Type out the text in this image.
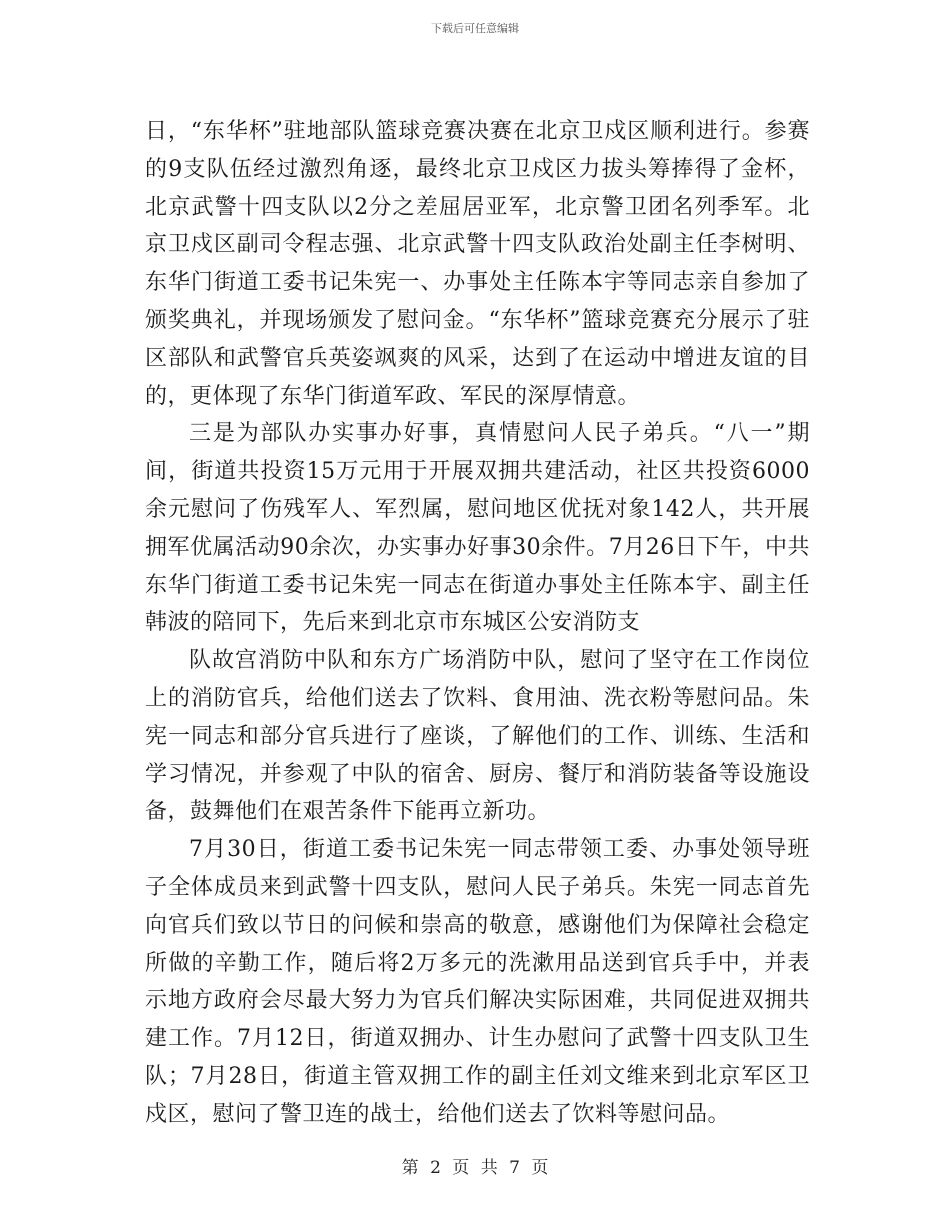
下载后可任意编辑

日，“东华杯”驻地部队篮球竞赛决赛在北京卫戍区顺利进行。参赛的9支队伍经过激烈角逐，最终北京卫戍区力拔头筹捧得了金杯，北京武警十四支队以2分之差屈居亚军，北京警卫团名列季军。北京卫戍区副司令程志强、北京武警十四支队政治处副主任李树明、东华门街道工委书记朱宪一、办事处主任陈本宇等同志亲自参加了颁奖典礼，并现场颁发了慰问金。“东华杯”篮球竞赛充分展示了驻区部队和武警官兵英姿飒爽的风采，达到了在运动中增进友谊的目的，更体现了东华门街道军政、军民的深厚情意。

三是为部队办实事办好事，真情慰问人民子弟兵。“八一”期间，街道共投资15万元用于开展双拥共建活动，社区共投资6000余元慰问了伤残军人、军烈属，慰问地区优抚对象142人，共开展拥军优属活动90余次，办实事办好事30余件。7月26日下午，中共东华门街道工委书记朱宪一同志在街道办事处主任陈本宇、副主任韩波的陪同下，先后来到北京市东城区公安消防支

队故宫消防中队和东方广场消防中队，慰问了坚守在工作岗位上的消防官兵，给他们送去了饮料、食用油、洗衣粉等慰问品。朱宪一同志和部分官兵进行了座谈，了解他们的工作、训练、生活和学习情况，并参观了中队的宿舍、厨房、餐厅和消防装备等设施设备，鼓舞他们在艰苦条件下能再立新功。

7月30日，街道工委书记朱宪一同志带领工委、办事处领导班子全体成员来到武警十四支队，慰问人民子弟兵。朱宪一同志首先向官兵们致以节日的问候和崇高的敬意，感谢他们为保障社会稳定所做的辛勤工作，随后将2万多元的洗漱用品送到官兵手中，并表示地方政府会尽最大努力为官兵们解决实际困难，共同促进双拥共建工作。7月12日，街道双拥办、计生办慰问了武警十四支队卫生队；7月28日，街道主管双拥工作的副主任刘文维来到北京军区卫戍区，慰问了警卫连的战士，给他们送去了饮料等慰问品。

第 2 页 共 7 页
